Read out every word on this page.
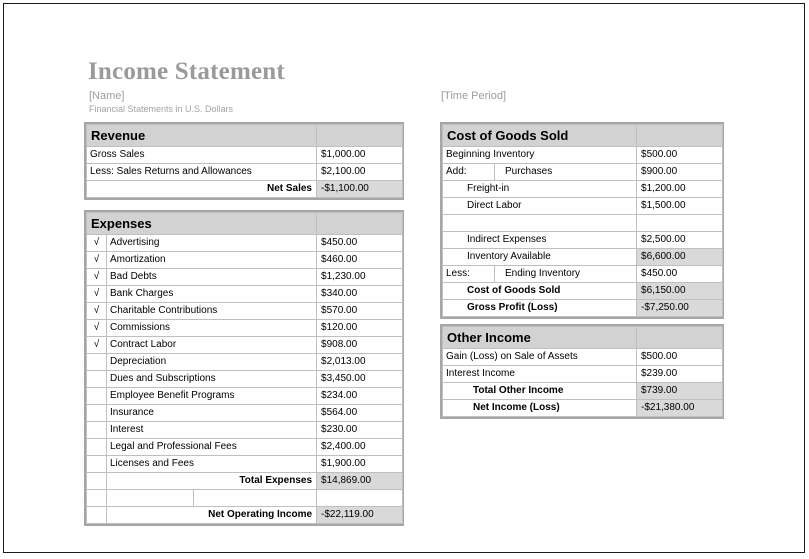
Income Statement
[Name]
Financial Statements in U.S. Dollars
[Time Period]
Revenue	
Gross Sales	$1,000.00
Less: Sales Returns and Allowances	$2,100.00
Net Sales	-$1,100.00
Expenses			
√	Advertising		$450.00
√	Amortization		$460.00
√	Bad Debts		$1,230.00
√	Bank Charges		$340.00
√	Charitable Contributions		$570.00
√	Commissions		$120.00
√	Contract Labor		$908.00
	Depreciation		$2,013.00
	Dues and Subscriptions		$3,450.00
	Employee Benefit Programs		$234.00
	Insurance		$564.00
	Interest		$230.00
	Legal and Professional Fees		$2,400.00
	Licenses and Fees		$1,900.00
	Total Expenses		$14,869.00

	Net Operating Income		-$22,119.00
Cost of Goods Sold		
Beginning Inventory		$500.00
Add:	Purchases	$900.00
Freight-in		$1,200.00
Direct Labor		$1,500.00

Indirect Expenses		$2,500.00
Inventory Available		$6,600.00
Less:	Ending Inventory	$450.00
Cost of Goods Sold		$6,150.00
Gross Profit (Loss)		-$7,250.00
Other Income	
Gain (Loss) on Sale of Assets	$500.00
Interest Income	$239.00
Total Other Income	$739.00
Net Income (Loss)	-$21,380.00
